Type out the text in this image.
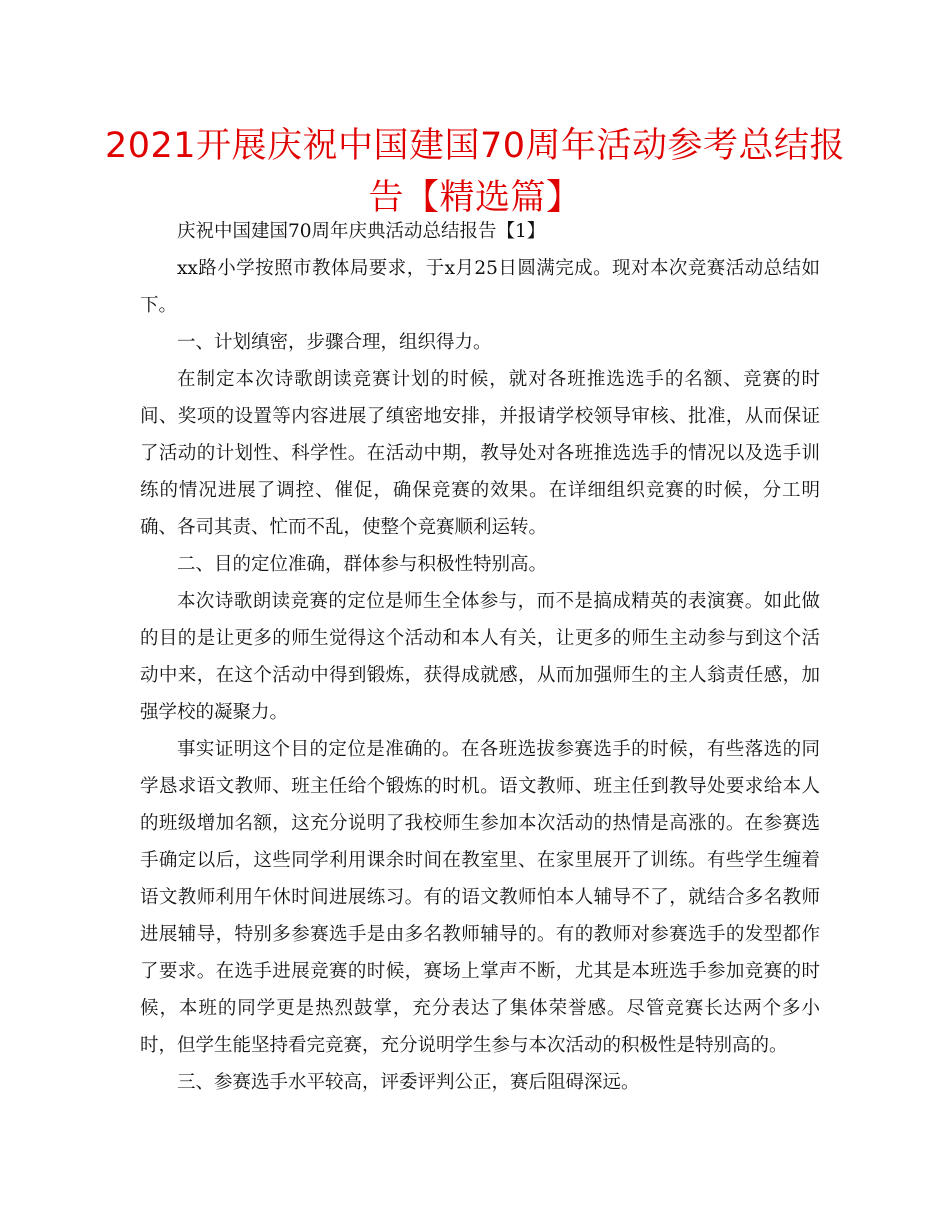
2021开展庆祝中国建国70周年活动参考总结报告【精选篇】

庆祝中国建国70周年庆典活动总结报告【1】

xx路小学按照市教体局要求，于x月25日圆满完成。现对本次竞赛活动总结如下。

一、计划缜密，步骤合理，组织得力。

在制定本次诗歌朗读竞赛计划的时候，就对各班推选选手的名额、竞赛的时间、奖项的设置等内容进展了缜密地安排，并报请学校领导审核、批准，从而保证了活动的计划性、科学性。在活动中期，教导处对各班推选选手的情况以及选手训练的情况进展了调控、催促，确保竞赛的效果。在详细组织竞赛的时候，分工明确、各司其责、忙而不乱，使整个竞赛顺利运转。

二、目的定位准确，群体参与积极性特别高。

本次诗歌朗读竞赛的定位是师生全体参与，而不是搞成精英的表演赛。如此做的目的是让更多的师生觉得这个活动和本人有关，让更多的师生主动参与到这个活动中来，在这个活动中得到锻炼，获得成就感，从而加强师生的主人翁责任感，加强学校的凝聚力。

事实证明这个目的定位是准确的。在各班选拔参赛选手的时候，有些落选的同学恳求语文教师、班主任给个锻炼的时机。语文教师、班主任到教导处要求给本人的班级增加名额，这充分说明了我校师生参加本次活动的热情是高涨的。在参赛选手确定以后，这些同学利用课余时间在教室里、在家里展开了训练。有些学生缠着语文教师利用午休时间进展练习。有的语文教师怕本人辅导不了，就结合多名教师进展辅导，特别多参赛选手是由多名教师辅导的。有的教师对参赛选手的发型都作了要求。在选手进展竞赛的时候，赛场上掌声不断，尤其是本班选手参加竞赛的时候，本班的同学更是热烈鼓掌，充分表达了集体荣誉感。尽管竞赛长达两个多小时，但学生能坚持看完竞赛，充分说明学生参与本次活动的积极性是特别高的。

三、参赛选手水平较高，评委评判公正，赛后阻碍深远。
